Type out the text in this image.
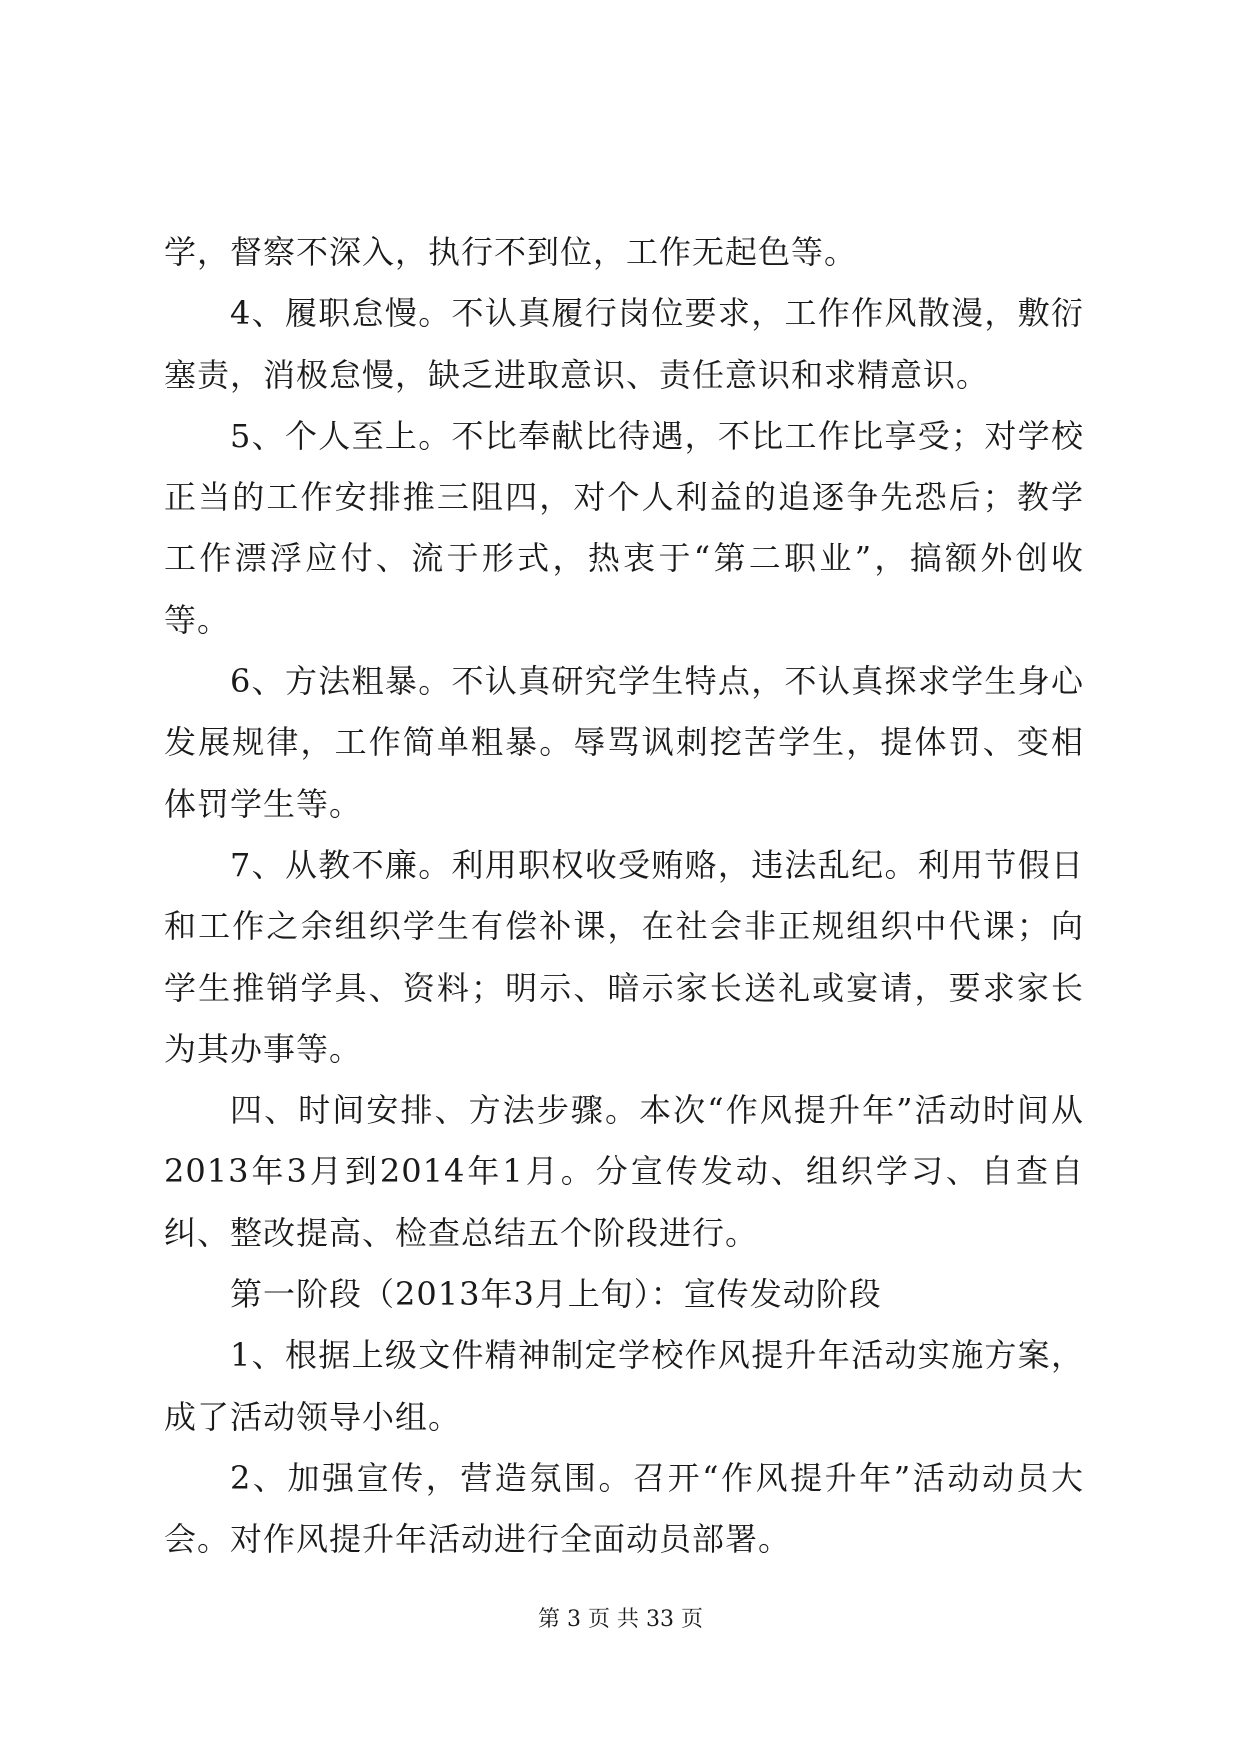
学，督察不深入，执行不到位，工作无起色等。

4、履职怠慢。不认真履行岗位要求，工作作风散漫，敷衍塞责，消极怠慢，缺乏进取意识、责任意识和求精意识。

5、个人至上。不比奉献比待遇，不比工作比享受；对学校正当的工作安排推三阻四，对个人利益的追逐争先恐后；教学工作漂浮应付、流于形式，热衷于“第二职业”，搞额外创收等。

6、方法粗暴。不认真研究学生特点，不认真探求学生身心发展规律，工作简单粗暴。辱骂讽刺挖苦学生，提体罚、变相体罚学生等。

7、从教不廉。利用职权收受贿赂，违法乱纪。利用节假日和工作之余组织学生有偿补课，在社会非正规组织中代课；向学生推销学具、资料；明示、暗示家长送礼或宴请，要求家长为其办事等。

四、时间安排、方法步骤。本次“作风提升年”活动时间从2013年3月到2014年1月。分宣传发动、组织学习、自查自纠、整改提高、检查总结五个阶段进行。

第一阶段（2013年3月上旬）：宣传发动阶段

1、根据上级文件精神制定学校作风提升年活动实施方案，成了活动领导小组。

2、加强宣传，营造氛围。召开“作风提升年”活动动员大会。对作风提升年活动进行全面动员部署。

第 3 页 共 33 页
